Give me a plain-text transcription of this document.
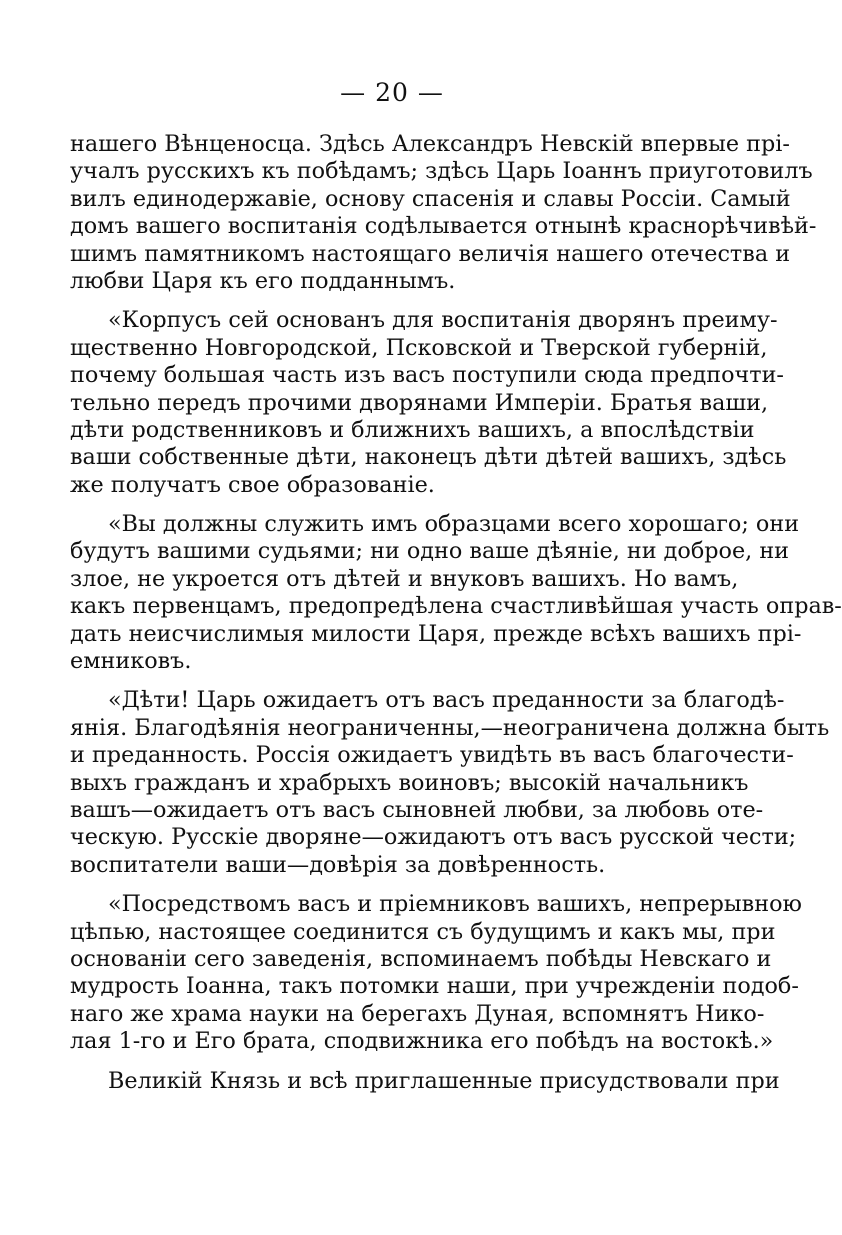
— 20 —
нашего Вѣнценосца. Здѣсь Александръ Невскій впервые прі-
учалъ русскихъ къ побѣдамъ; здѣсь Царь Іоаннъ приуготовилъ
вилъ единодержавіе, основу спасенія и славы Россіи. Самый
домъ вашего воспитанія содѣлывается отнынѣ краснорѣчивѣй-
шимъ памятникомъ настоящаго величія нашего отечества и
любви Царя къ его подданнымъ.
«Корпусъ сей основанъ для воспитанія дворянъ преиму-
щественно Новгородской, Псковской и Тверской губерній,
почему большая часть изъ васъ поступили сюда предпочти-
тельно передъ прочими дворянами Имперіи. Братья ваши,
дѣти родственниковъ и ближнихъ вашихъ, а впослѣдствіи
ваши собственные дѣти, наконецъ дѣти дѣтей вашихъ, здѣсь
же получатъ свое образованіе.
«Вы должны служить имъ образцами всего хорошаго; они
будутъ вашими судьями; ни одно ваше дѣяніе, ни доброе, ни
злое, не укроется отъ дѣтей и внуковъ вашихъ. Но вамъ,
какъ первенцамъ, предопредѣлена счастливѣйшая участь оправ-
дать неисчислимыя милости Царя, прежде всѣхъ вашихъ прі-
емниковъ.
«Дѣти! Царь ожидаетъ отъ васъ преданности за благодѣ-
янія. Благодѣянія неограниченны,—неограничена должна быть
и преданность. Россія ожидаетъ увидѣть въ васъ благочести-
выхъ гражданъ и храбрыхъ воиновъ; высокій начальникъ
вашъ—ожидаетъ отъ васъ сыновней любви, за любовь оте-
ческую. Русскіе дворяне—ожидаютъ отъ васъ русской чести;
воспитатели ваши—довѣрія за довѣренность.
«Посредствомъ васъ и пріемниковъ вашихъ, непрерывною
цѣпью, настоящее соединится съ будущимъ и какъ мы, при
основаніи сего заведенія, вспоминаемъ побѣды Невскаго и
мудрость Іоанна, такъ потомки наши, при учрежденіи подоб-
наго же храма науки на берегахъ Дуная, вспомнятъ Нико-
лая 1-го и Его брата, сподвижника его побѣдъ на востокѣ.»
Великій Князь и всѣ приглашенные присудствовали при
